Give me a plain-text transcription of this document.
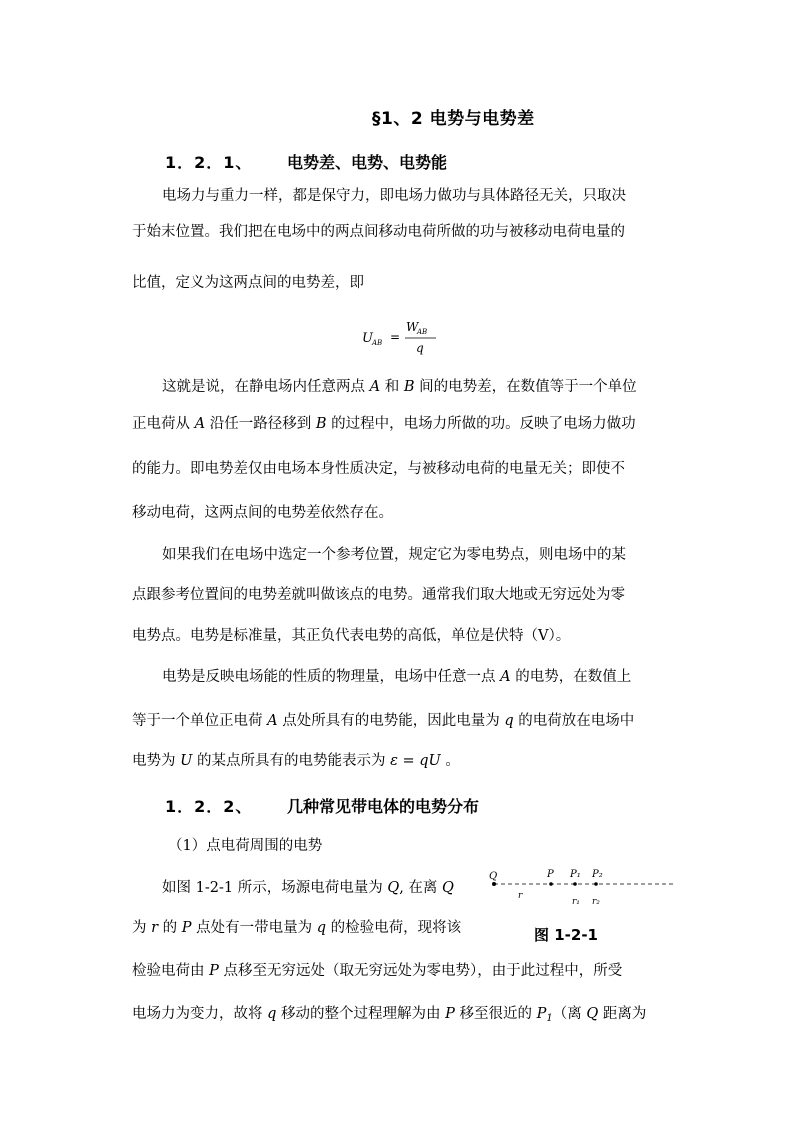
§1、2 电势与电势差
1．2．1、 电势差、电势、电势能
电场力与重力一样，都是保守力，即电场力做功与具体路径无关，只取决
于始末位置。我们把在电场中的两点间移动电荷所做的功与被移动电荷电量的
比值，定义为这两点间的电势差，即
U AB =
W
AB
q
这就是说，在静电场内任意两点 A 和 B 间的电势差，在数值等于一个单位
正电荷从 A 沿任一路径移到 B 的过程中，电场力所做的功。反映了电场力做功
的能力。即电势差仅由电场本身性质决定，与被移动电荷的电量无关；即使不
移动电荷，这两点间的电势差依然存在。
如果我们在电场中选定一个参考位置，规定它为零电势点，则电场中的某
点跟参考位置间的电势差就叫做该点的电势。通常我们取大地或无穷远处为零
电势点。电势是标准量，其正负代表电势的高低，单位是伏特（V）。
电势是反映电场能的性质的物理量，电场中任意一点 A 的电势，在数值上
等于一个单位正电荷 A 点处所具有的电势能，因此电量为 q 的电荷放在电场中
电势为 U 的某点所具有的电势能表示为 ε = qU 。
1．2．2、 几种常见带电体的电势分布
（1）点电荷周围的电势
如图 1-2-1 所示，场源电荷电量为 Q, 在离 Q
为 r 的 P 点处有一带电量为 q 的检验电荷，现将该
检验电荷由 P 点移至无穷远处（取无穷远处为零电势），由于此过程中，所受
电场力为变力，故将 q 移动的整个过程理解为由 P 移至很近的 $P_1$（离 Q 距离为
Q	P P₁ P₂
r
r₁ r₂
图 1-2-1
